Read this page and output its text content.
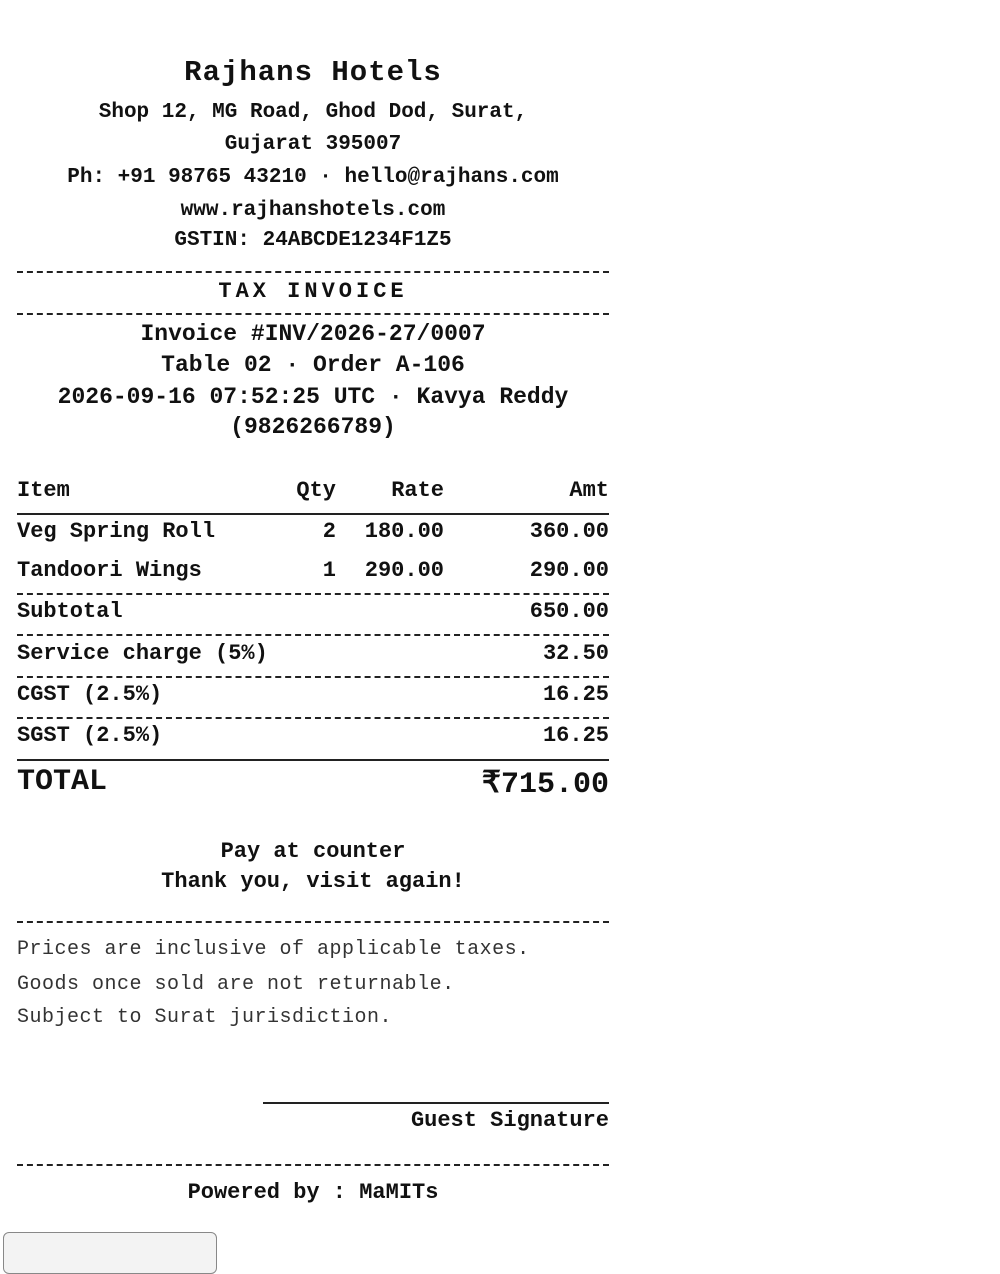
Rajhans Hotels
Shop 12, MG Road, Ghod Dod, Surat,
Gujarat 395007
Ph: +91 98765 43210 · hello@rajhans.com
www.rajhanshotels.com
GSTIN: 24ABCDE1234F1Z5
TAX INVOICE
Invoice #INV/2026-27/0007
Table 02 · Order A-106
2026-09-16 07:52:25 UTC · Kavya Reddy (9826266789)
Item	Qty	Rate	Amt
Veg Spring Roll	2 180.00	360.00
Tandoori Wings	1 290.00	290.00
Subtotal	650.00
Service charge (5%)	32.50
CGST (2.5%)	16.25
SGST (2.5%)	16.25
TOTAL	₹715.00
Pay at counter
Thank you, visit again!
Prices are inclusive of applicable taxes.
Goods once sold are not returnable.
Subject to Surat jurisdiction.
Guest Signature
Powered by : MaMITs
